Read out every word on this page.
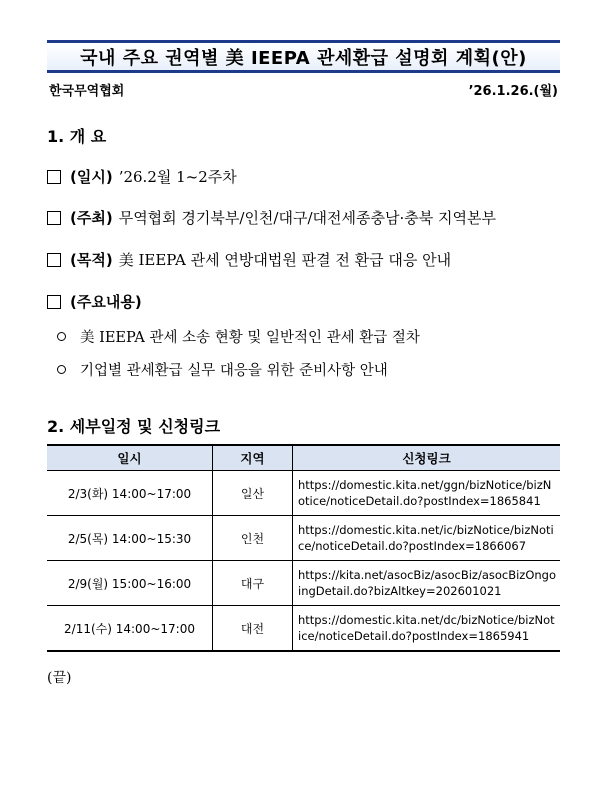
국내 주요 권역별 美 IEEPA 관세환급 설명회 계획(안)
한국무역협회	’26.1.26.(월)
1. 개 요
(일시) ’26.2월 1~2주차
(주최) 무역협회 경기북부/인천/대구/대전세종충남·충북 지역본부
(목적) 美 IEEPA 관세 연방대법원 판결 전 환급 대응 안내
(주요내용)
美 IEEPA 관세 소송 현황 및 일반적인 관세 환급 절차
기업별 관세환급 실무 대응을 위한 준비사항 안내
2. 세부일정 및 신청링크
일시	지역	신청링크
2/3(화) 14:00~17:00	일산	https://domestic.kita.net/ggn/bizNotice/bizNotice/noticeDetail.do?postIndex=1865841
2/5(목) 14:00~15:30	인천	https://domestic.kita.net/ic/bizNotice/bizNotice/noticeDetail.do?postIndex=1866067
2/9(월) 15:00~16:00	대구	https://kita.net/asocBiz/asocBiz/asocBizOngoingDetail.do?bizAltkey=202601021
2/11(수) 14:00~17:00	대전	https://domestic.kita.net/dc/bizNotice/bizNotice/noticeDetail.do?postIndex=1865941
(끝)
